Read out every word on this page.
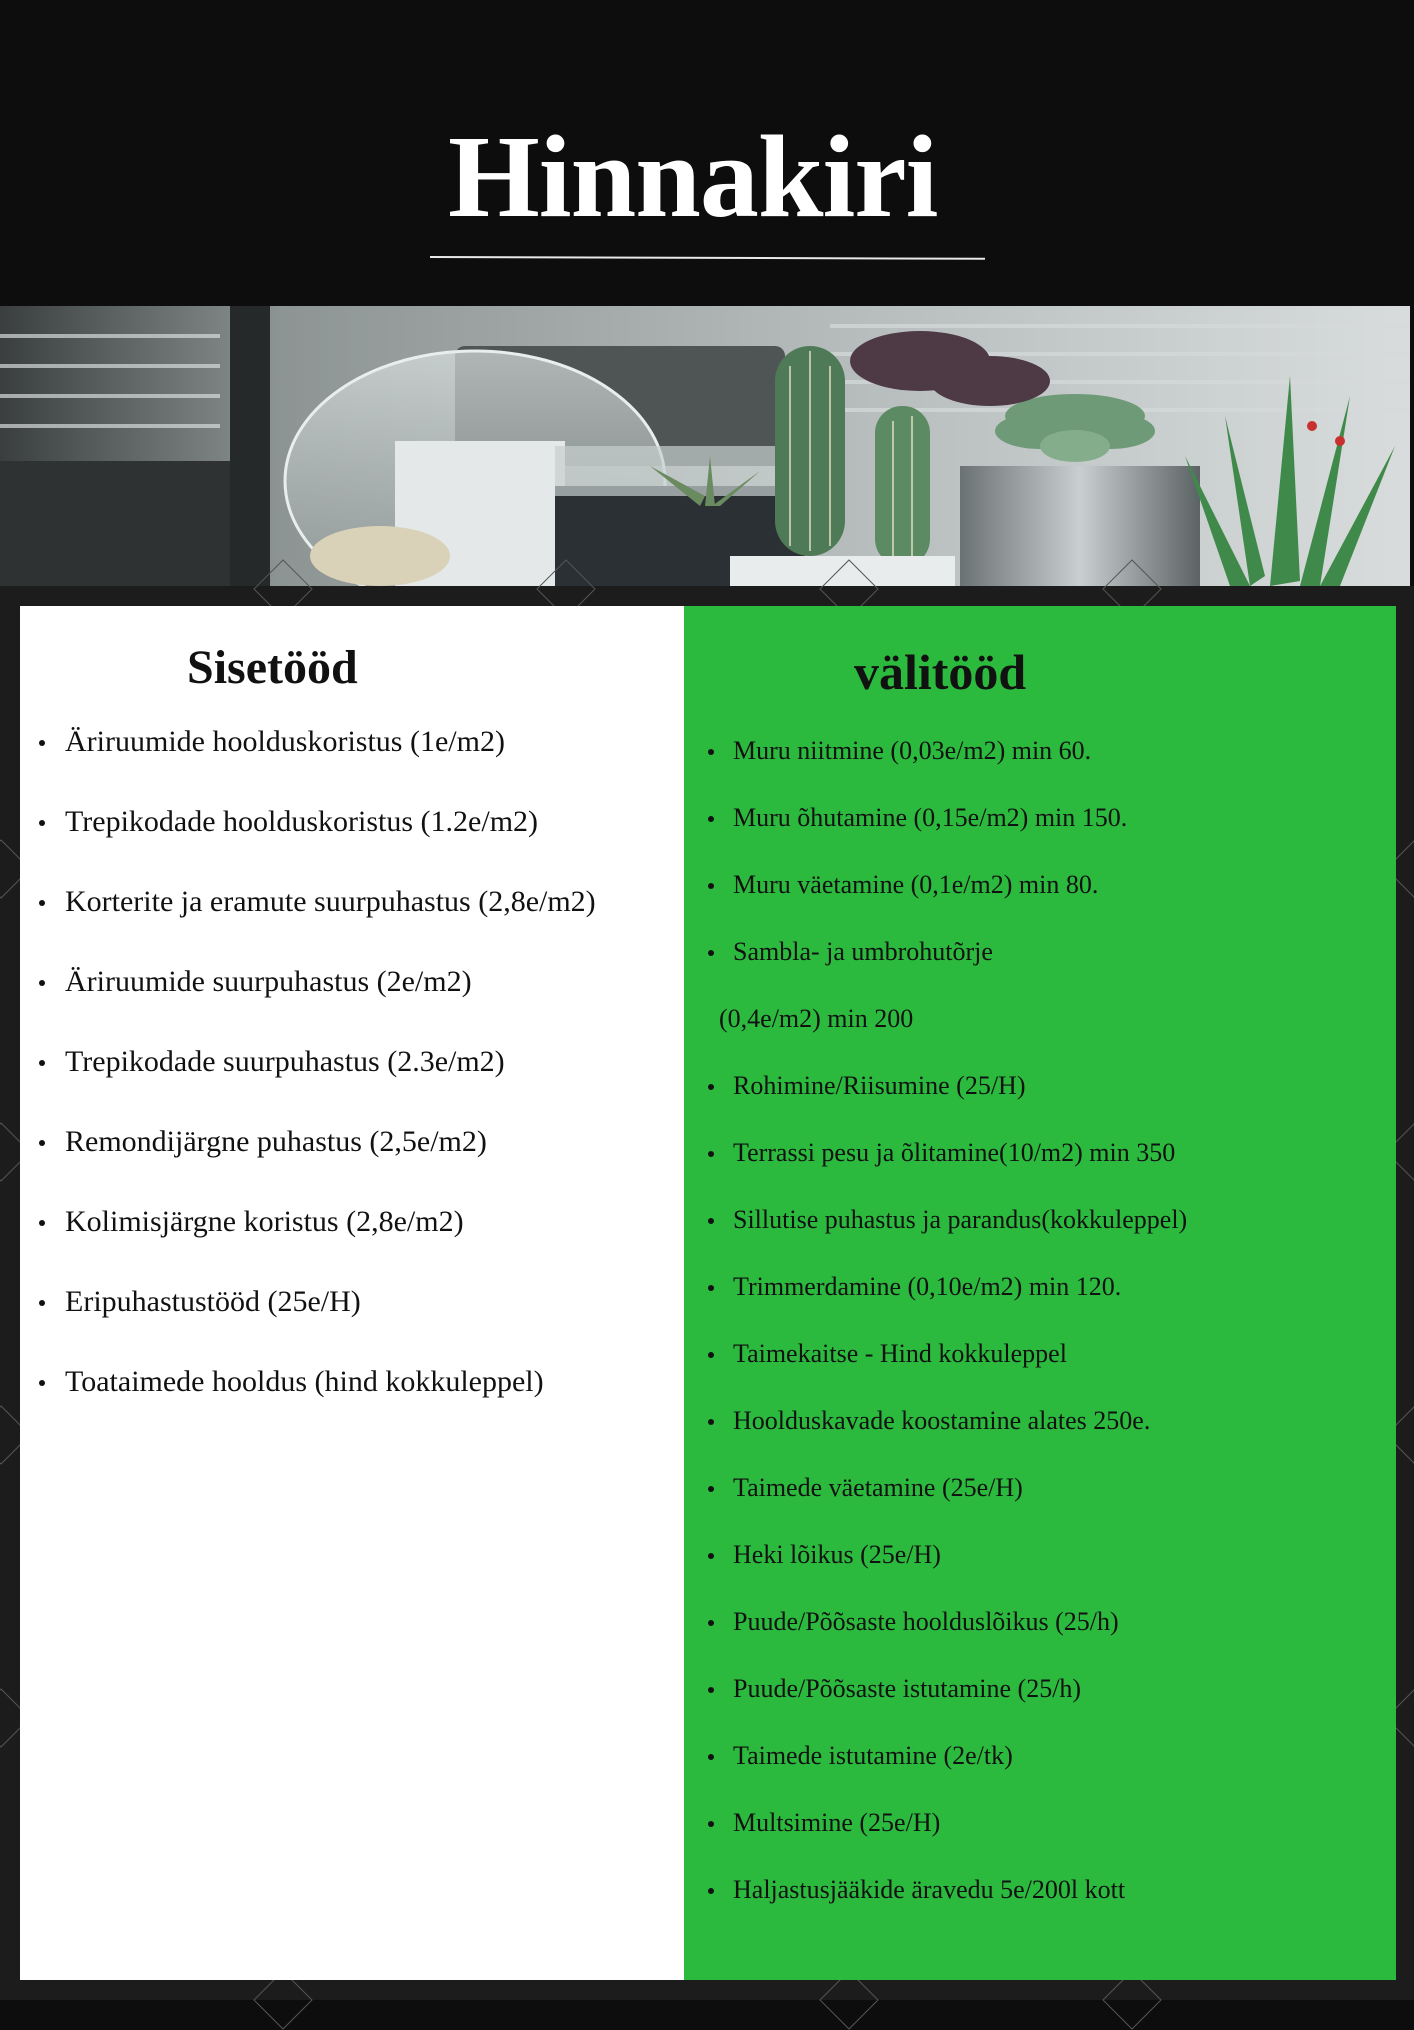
Hinnakiri
Sisetööd
Äriruumide hoolduskoristus (1e/m2)
Trepikodade hoolduskoristus (1.2e/m2)
Korterite ja eramute suurpuhastus (2,8e/m2)
Äriruumide suurpuhastus (2e/m2)
Trepikodade suurpuhastus (2.3e/m2)
Remondijärgne puhastus (2,5e/m2)
Kolimisjärgne koristus (2,8e/m2)
Eripuhastustööd (25e/H)
Toataimede hooldus (hind kokkuleppel)
välitööd
Muru niitmine (0,03e/m2) min 60.
Muru õhutamine (0,15e/m2) min 150.
Muru väetamine (0,1e/m2) min 80.
Sambla- ja umbrohutõrje
(0,4e/m2) min 200
Rohimine/Riisumine (25/H)
Terrassi pesu ja õlitamine(10/m2) min 350
Sillutise puhastus ja parandus(kokkuleppel)
Trimmerdamine (0,10e/m2) min 120.
Taimekaitse - Hind kokkuleppel
Hoolduskavade koostamine alates 250e.
Taimede väetamine (25e/H)
Heki lõikus (25e/H)
Puude/Põõsaste hoolduslõikus (25/h)
Puude/Põõsaste istutamine (25/h)
Taimede istutamine (2e/tk)
Multsimine (25e/H)
Haljastusjääkide äravedu 5e/200l kott
